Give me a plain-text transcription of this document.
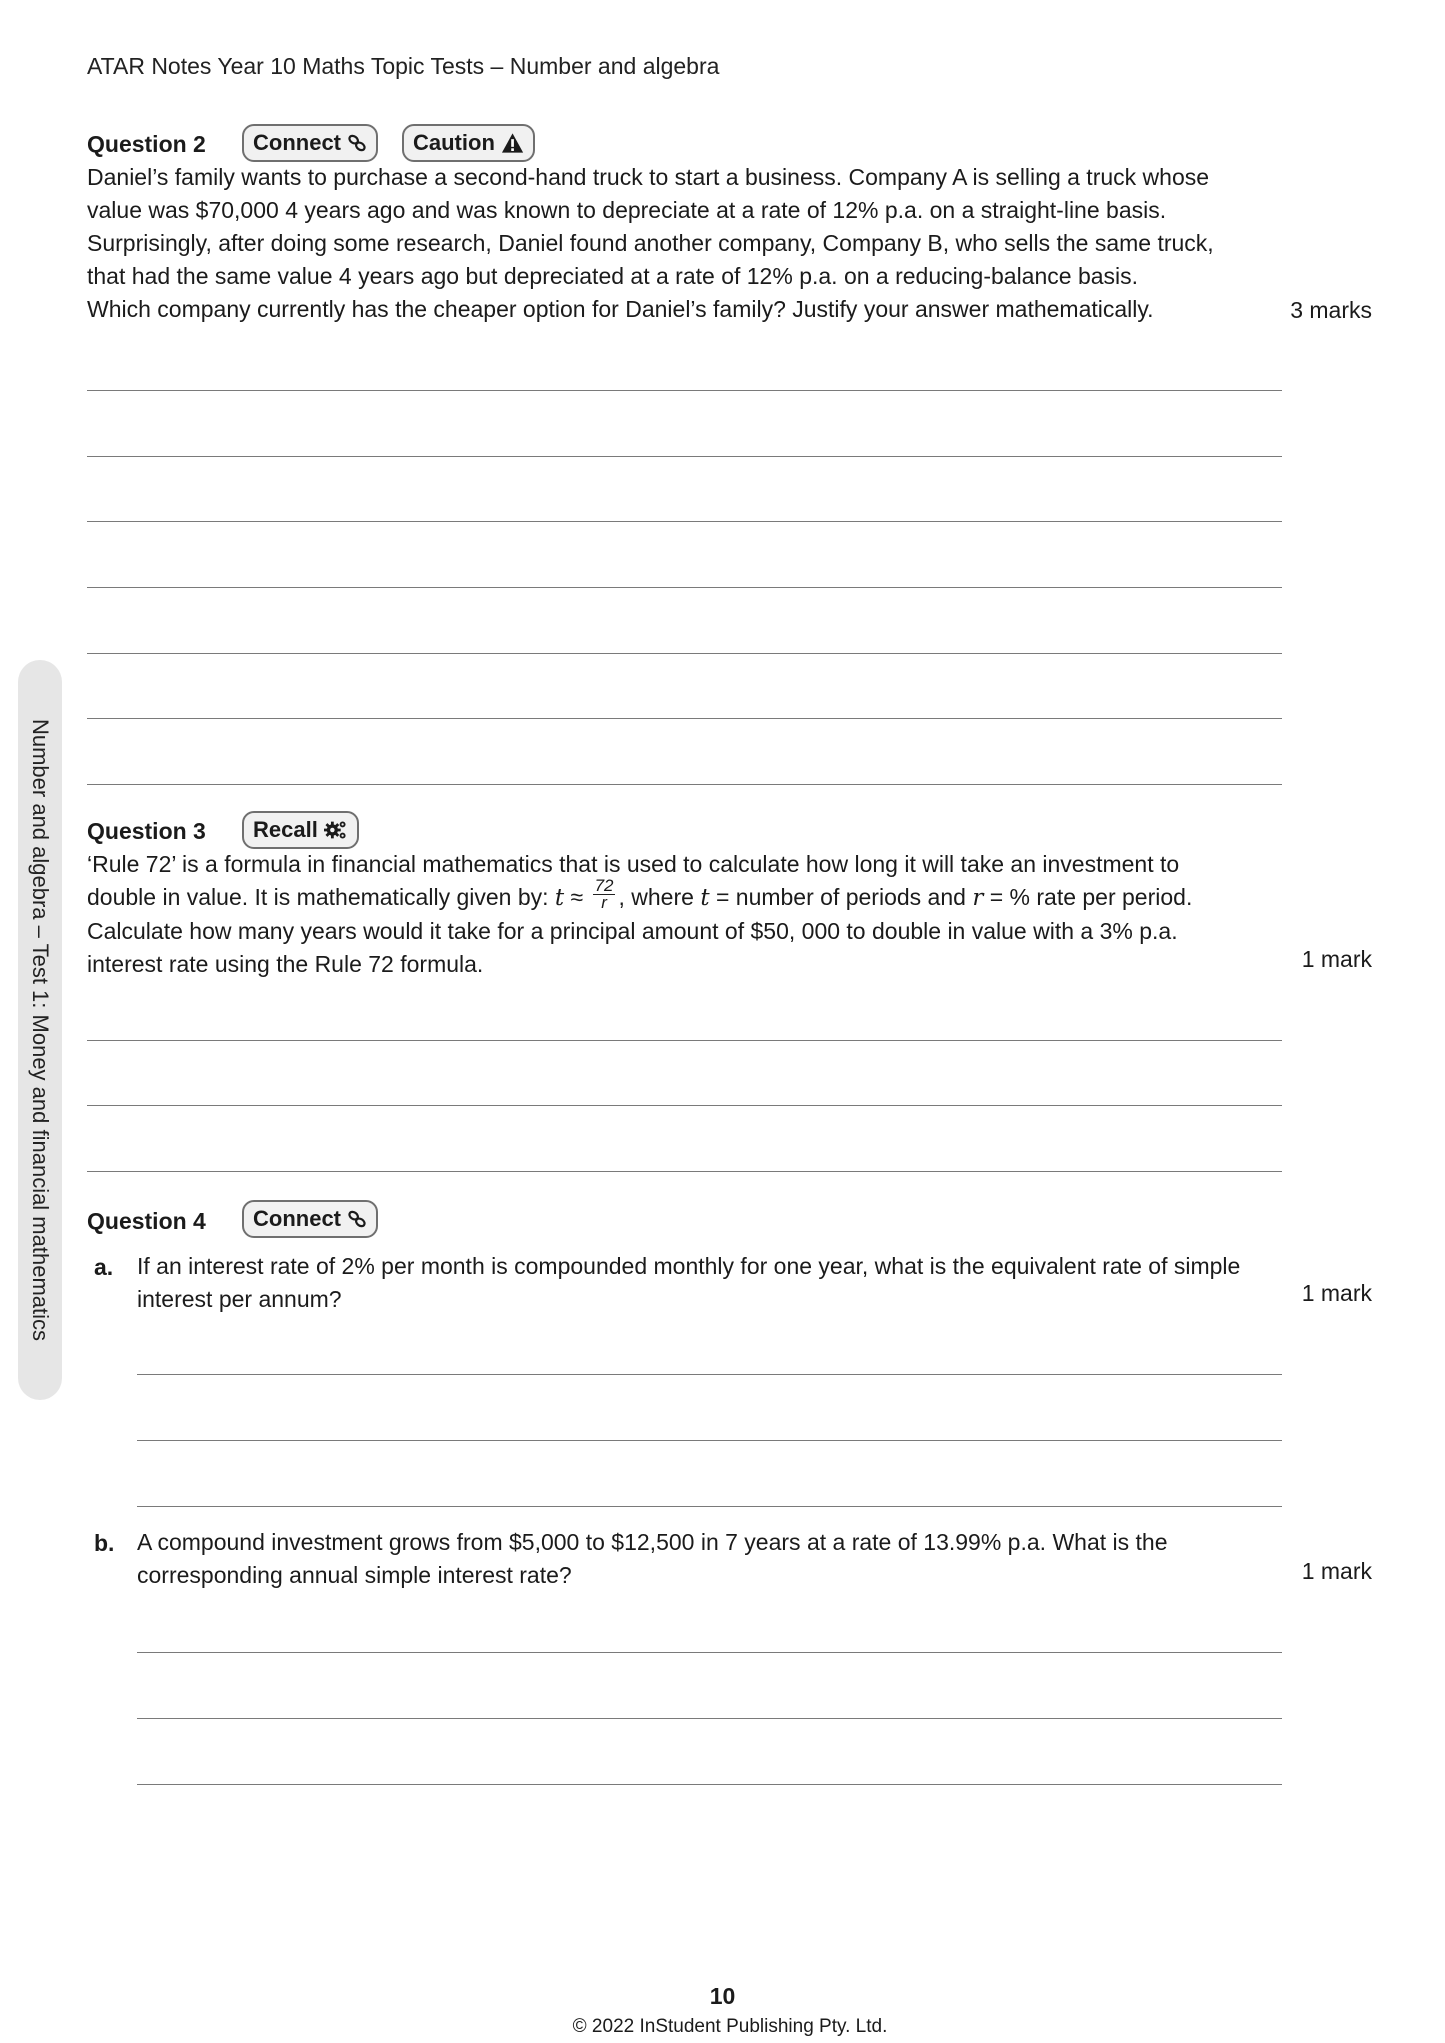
ATAR Notes Year 10 Maths Topic Tests – Number and algebra
Number and algebra – Test 1: Money and financial mathematics
Question 2 Connect	Caution

Daniel’s family wants to purchase a second-hand truck to start a business. Company A is selling a truck whose

value was $70,000 4 years ago and was known to depreciate at a rate of 12% p.a. on a straight-line basis.

Surprisingly, after doing some research, Daniel found another company, Company B, who sells the same truck,

that had the same value 4 years ago but depreciated at a rate of 12% p.a. on a reducing-balance basis.

Which company currently has the cheaper option for Daniel’s family? Justify your answer mathematically.	3 marks
Question 3 Recall

‘Rule 72’ is a formula in financial mathematics that is used to calculate how long it will take an investment to

double in value. It is mathematically given by: $t \approx \frac{72}{r}$ , where t = number of periods and r = % rate per period.

Calculate how many years would it take for a principal amount of $50, 000 to double in value with a 3% p.a.

interest rate using the Rule 72 formula.	1 mark
Question 4 Connect
a. If an interest rate of 2% per month is compounded monthly for one year, what is the equivalent rate of simple
interest per annum?	1 mark
b. A compound investment grows from $5,000 to $12,500 in 7 years at a rate of 13.99% p.a. What is the
corresponding annual simple interest rate?	1 mark
10
© 2022 InStudent Publishing Pty. Ltd.
